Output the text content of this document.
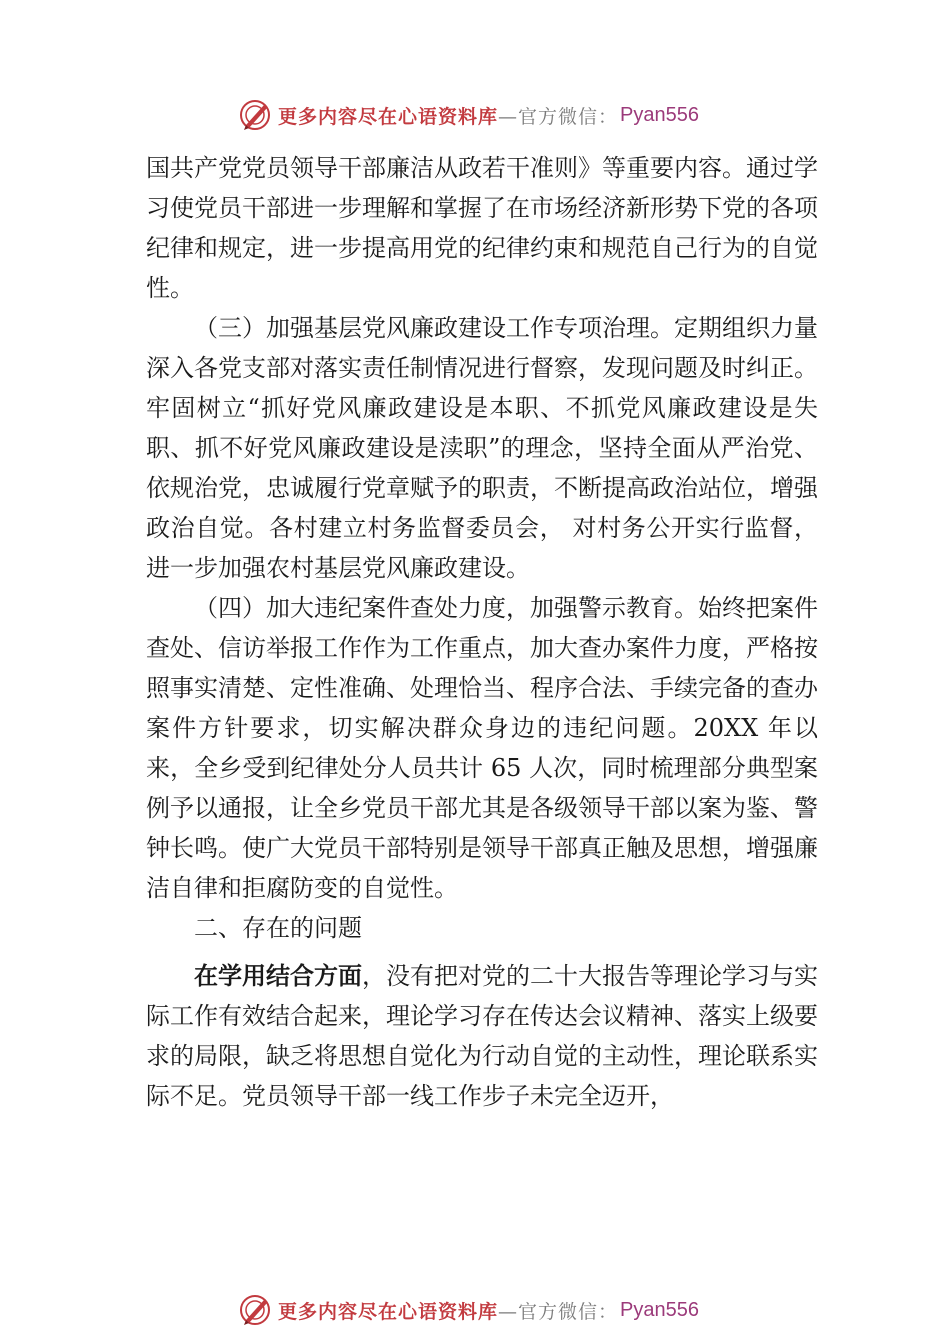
更多内容尽在心语资料库 —官方微信： Pyan556

国共产党党员领导干部廉洁从政若干准则》等重要内容。通过学习使党员干部进一步理解和掌握了在市场经济新形势下党的各项纪律和规定，进一步提高用党的纪律约束和规范自己行为的自觉性。

（三）加强基层党风廉政建设工作专项治理。定期组织力量深入各党支部对落实责任制情况进行督察，发现问题及时纠正。牢固树立“抓好党风廉政建设是本职、不抓党风廉政建设是失职、抓不好党风廉政建设是渎职”的理念，坚持全面从严治党、依规治党，忠诚履行党章赋予的职责，不断提高政治站位，增强政治自觉。各村建立村务监督委员会， 对村务公开实行监督，进一步加强农村基层党风廉政建设。

（四）加大违纪案件查处力度，加强警示教育。始终把案件查处、信访举报工作作为工作重点，加大查办案件力度，严格按照事实清楚、定性准确、处理恰当、程序合法、手续完备的查办案件方针要求，切实解决群众身边的违纪问题。20XX 年以来，全乡受到纪律处分人员共计 65 人次，同时梳理部分典型案例予以通报，让全乡党员干部尤其是各级领导干部以案为鉴、警钟长鸣。使广大党员干部特别是领导干部真正触及思想，增强廉洁自律和拒腐防变的自觉性。

二、存在的问题

在学用结合方面，没有把对党的二十大报告等理论学习与实际工作有效结合起来，理论学习存在传达会议精神、落实上级要求的局限，缺乏将思想自觉化为行动自觉的主动性，理论联系实际不足。党员领导干部一线工作步子未完全迈开，

更多内容尽在心语资料库 —官方微信： Pyan556
